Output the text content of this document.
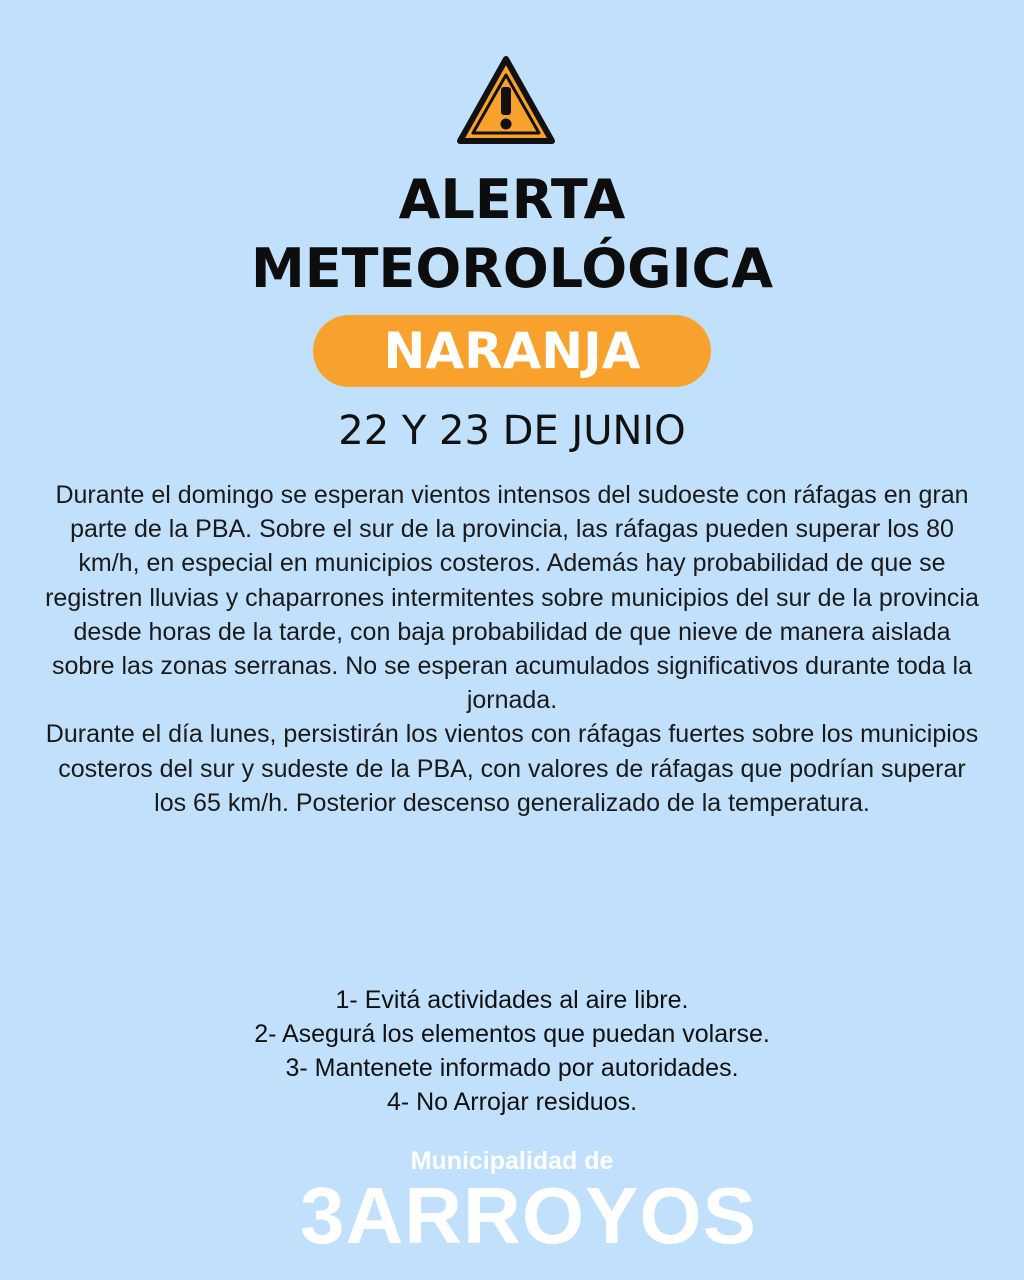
ALERTA
METEOROLÓGICA
NARANJA
22 Y 23 DE JUNIO

Durante el domingo se esperan vientos intensos del sudoeste con ráfagas en gran parte de la PBA. Sobre el sur de la provincia, las ráfagas pueden superar los 80 km/h, en especial en municipios costeros. Además hay probabilidad de que se registren lluvias y chaparrones intermitentes sobre municipios del sur de la provincia desde horas de la tarde, con baja probabilidad de que nieve de manera aislada sobre las zonas serranas. No se esperan acumulados significativos durante toda la jornada.

Durante el día lunes, persistirán los vientos con ráfagas fuertes sobre los municipios costeros del sur y sudeste de la PBA, con valores de ráfagas que podrían superar los 65 km/h. Posterior descenso generalizado de la temperatura.

1- Evitá actividades al aire libre.
2- Asegurá los elementos que puedan volarse.
3- Mantenete informado por autoridades.
4- No Arrojar residuos.
Municipalidad de
3ARROYOS
